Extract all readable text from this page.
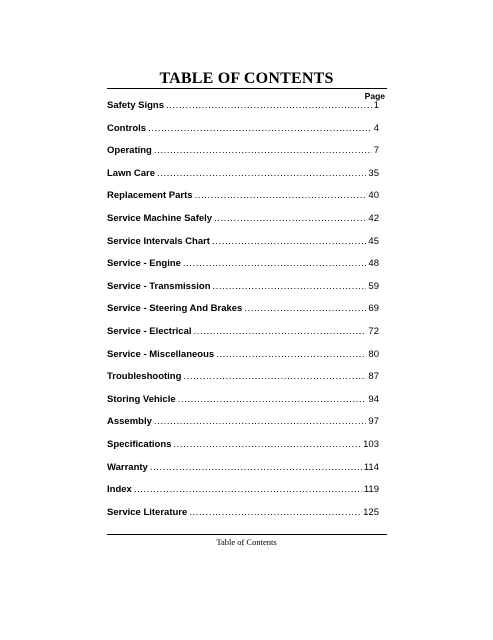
TABLE OF CONTENTS
Page
Safety Signs .....	1
Controls .....	4
Operating .....	7
Lawn Care .....	35
Replacement Parts .....	40
Service Machine Safely .....	42
Service Intervals Chart .....	45
Service - Engine .....	48
Service - Transmission .....	59
Service - Steering And Brakes .....	69
Service - Electrical .....	72
Service - Miscellaneous .....	80
Troubleshooting .....	87
Storing Vehicle .....	94
Assembly .....	97
Specifications .....	103
Warranty .....	114
Index .....	119
Service Literature .....	125
Table of Contents
